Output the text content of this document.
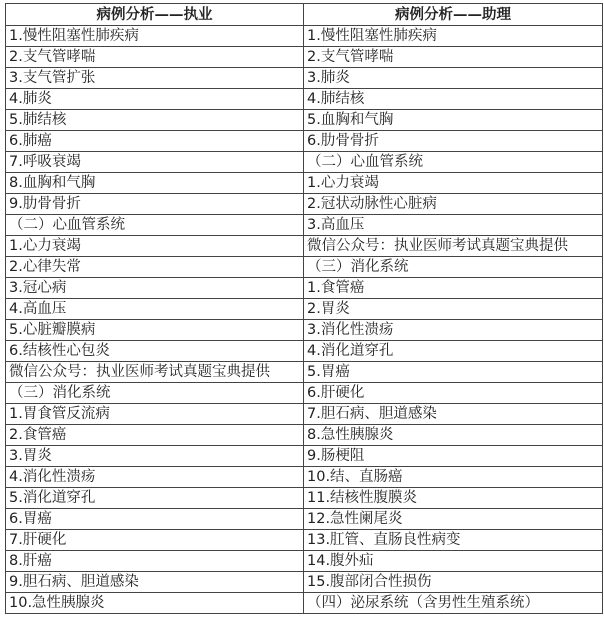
病例分析——执业	病例分析——助理
1.慢性阻塞性肺疾病	1.慢性阻塞性肺疾病
2.支气管哮喘	2.支气管哮喘
3.支气管扩张	3.肺炎
4.肺炎	4.肺结核
5.肺结核	5.血胸和气胸
6.肺癌	6.肋骨骨折
7.呼吸衰竭	（二）心血管系统
8.血胸和气胸	1.心力衰竭
9.肋骨骨折	2.冠状动脉性心脏病
（二）心血管系统	3.高血压
1.心力衰竭	微信公众号：执业医师考试真题宝典提供
2.心律失常	（三）消化系统
3.冠心病	1.食管癌
4.高血压	2.胃炎
5.心脏瓣膜病	3.消化性溃疡
6.结核性心包炎	4.消化道穿孔
微信公众号：执业医师考试真题宝典提供	5.胃癌
（三）消化系统	6.肝硬化
1.胃食管反流病	7.胆石病、胆道感染
2.食管癌	8.急性胰腺炎
3.胃炎	9.肠梗阻
4.消化性溃疡	10.结、直肠癌
5.消化道穿孔	11.结核性腹膜炎
6.胃癌	12.急性阑尾炎
7.肝硬化	13.肛管、直肠良性病变
8.肝癌	14.腹外疝
9.胆石病、胆道感染	15.腹部闭合性损伤
10.急性胰腺炎	（四）泌尿系统（含男性生殖系统）
